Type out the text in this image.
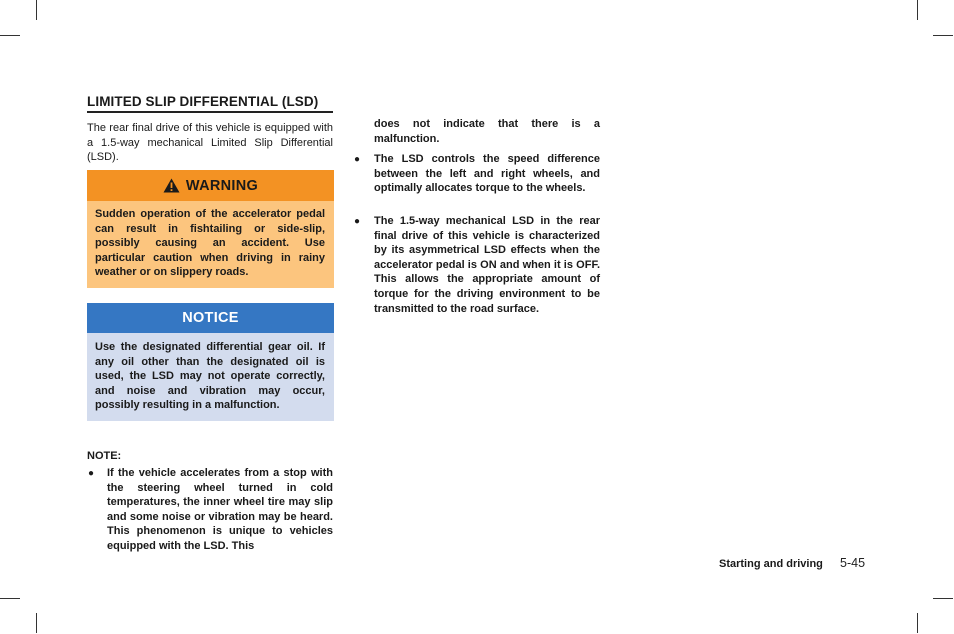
LIMITED SLIP DIFFERENTIAL (LSD)
The rear final drive of this vehicle is equipped with a 1.5-way mechanical Limited Slip Differential (LSD).
WARNING
Sudden operation of the accelerator pedal can result in fishtailing or side-slip, possibly causing an accident. Use particular caution when driving in rainy weather or on slippery roads.
NOTICE
Use the designated differential gear oil. If any oil other than the designated oil is used, the LSD may not operate correctly, and noise and vibration may occur, possibly resulting in a malfunction.
NOTE:
● If the vehicle accelerates from a stop with the steering wheel turned in cold temperatures, the inner wheel tire may slip and some noise or vibration may be heard. This phenomenon is unique to vehicles equipped with the LSD. This
does not indicate that there is a malfunction.
● The LSD controls the speed difference between the left and right wheels, and optimally allocates torque to the wheels.
● The 1.5-way mechanical LSD in the rear final drive of this vehicle is characterized by its asymmetrical LSD effects when the accelerator pedal is ON and when it is OFF. This allows the appropriate amount of torque for the driving environment to be transmitted to the road surface.
Starting and driving 5-45
